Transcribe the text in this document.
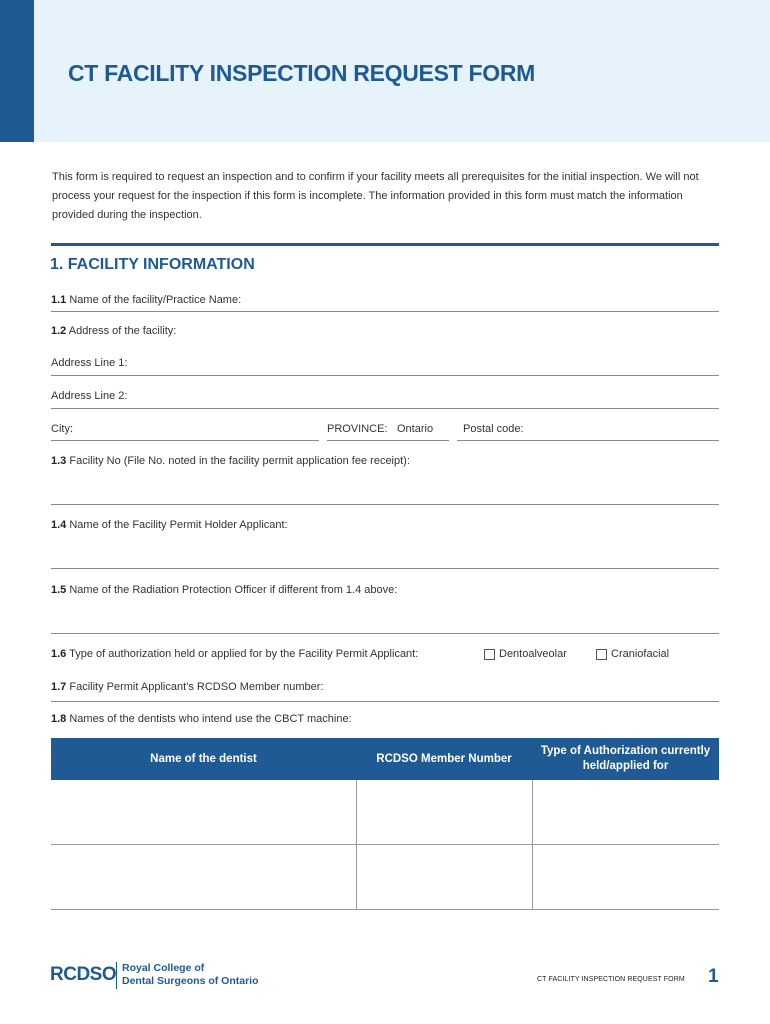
CT FACILITY INSPECTION REQUEST FORM

This form is required to request an inspection and to confirm if your facility meets all prerequisites for the initial inspection. We will not process your request for the inspection if this form is incomplete. The information provided in this form must match the information provided during the inspection.

1. FACILITY INFORMATION
1.1 Name of the facility/Practice Name:
1.2 Address of the facility:
Address Line 1:
Address Line 2:
City:	PROVINCE: Ontario	Postal code:
1.3 Facility No (File No. noted in the facility permit application fee receipt):
1.4 Name of the Facility Permit Holder Applicant:
1.5 Name of the Radiation Protection Officer if different from 1.4 above:
1.6 Type of authorization held or applied for by the Facility Permit Applicant:	Dentoalveolar	Craniofacial
1.7 Facility Permit Applicant’s RCDSO Member number:
1.8 Names of the dentists who intend use the CBCT machine:
Name of the dentist	RCDSO Member Number	Type of Authorization currently held/applied for

RCDSO Royal College of
Dental Surgeons of Ontario	CT FACILITY INSPECTION REQUEST FORM 1
